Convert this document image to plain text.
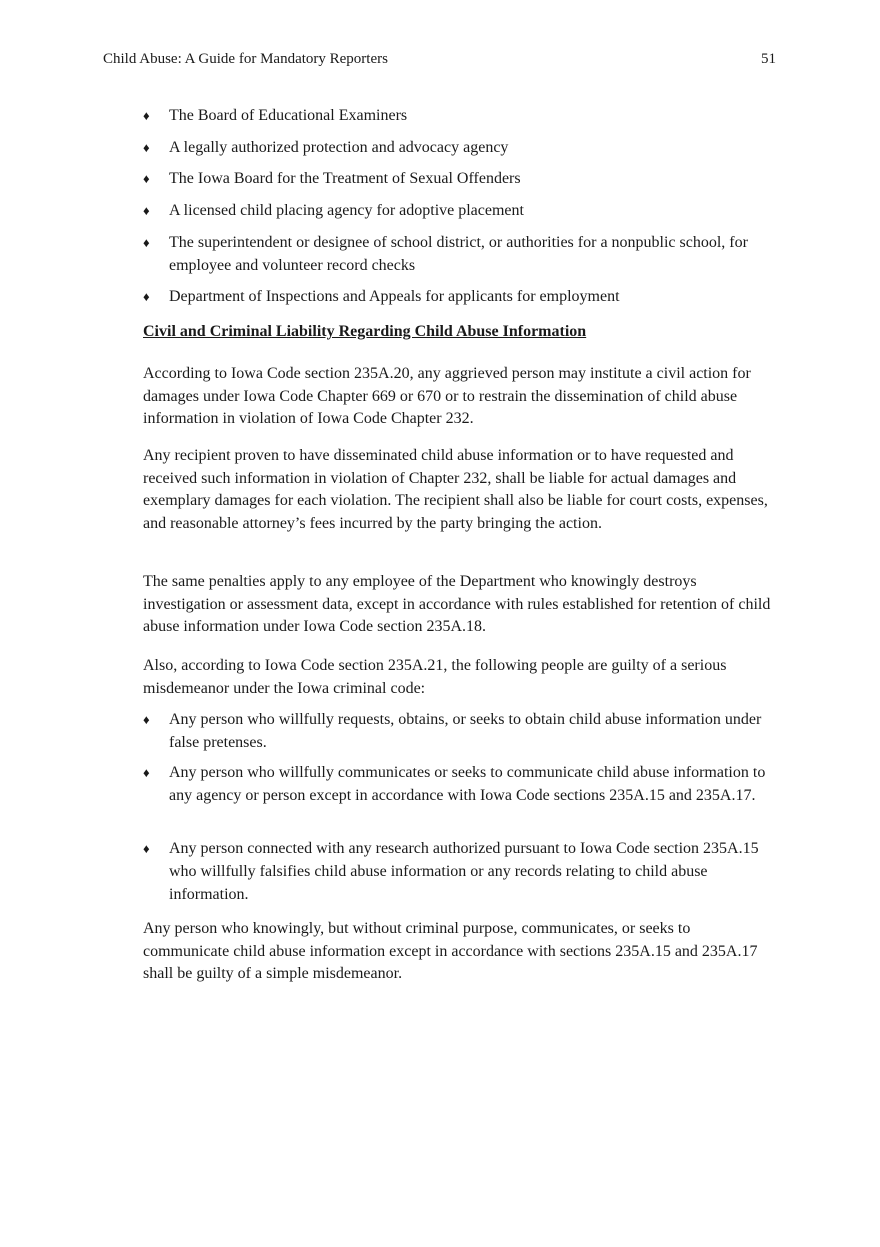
Child Abuse: A Guide for Mandatory Reporters	51
♦ The Board of Educational Examiners
♦ A legally authorized protection and advocacy agency
♦ The Iowa Board for the Treatment of Sexual Offenders
♦ A licensed child placing agency for adoptive placement
♦ The superintendent or designee of school district, or authorities for a nonpublic school, for employee and volunteer record checks
♦ Department of Inspections and Appeals for applicants for employment
Civil and Criminal Liability Regarding Child Abuse Information
According to Iowa Code section 235A.20, any aggrieved person may institute a civil action for damages under Iowa Code Chapter 669 or 670 or to restrain the dissemination of child abuse information in violation of Iowa Code Chapter 232.
Any recipient proven to have disseminated child abuse information or to have requested and received such information in violation of Chapter 232, shall be liable for actual damages and exemplary damages for each violation. The recipient shall also be liable for court costs, expenses, and reasonable attorney’s fees incurred by the party bringing the action.
The same penalties apply to any employee of the Department who knowingly destroys investigation or assessment data, except in accordance with rules established for retention of child abuse information under Iowa Code section 235A.18.
Also, according to Iowa Code section 235A.21, the following people are guilty of a serious misdemeanor under the Iowa criminal code:
♦ Any person who willfully requests, obtains, or seeks to obtain child abuse information under false pretenses.
♦ Any person who willfully communicates or seeks to communicate child abuse information to any agency or person except in accordance with Iowa Code sections 235A.15 and 235A.17.
♦ Any person connected with any research authorized pursuant to Iowa Code section 235A.15 who willfully falsifies child abuse information or any records relating to child abuse information.
Any person who knowingly, but without criminal purpose, communicates, or seeks to communicate child abuse information except in accordance with sections 235A.15 and 235A.17 shall be guilty of a simple misdemeanor.
